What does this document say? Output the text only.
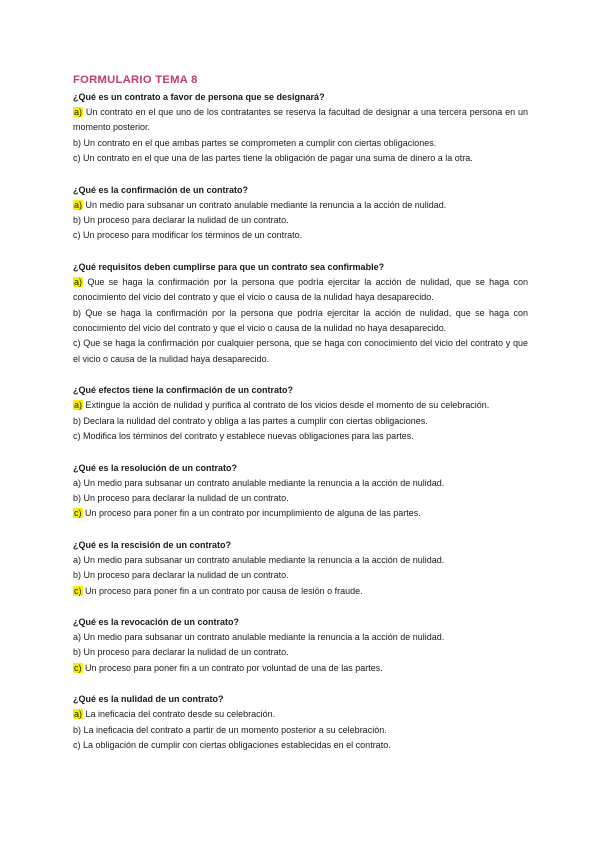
FORMULARIO TEMA 8

¿Qué es un contrato a favor de persona que se designará?

a) Un contrato en el que uno de los contratantes se reserva la facultad de designar a una tercera persona en un momento posterior.

b) Un contrato en el que ambas partes se comprometen a cumplir con ciertas obligaciones.

c) Un contrato en el que una de las partes tiene la obligación de pagar una suma de dinero a la otra.

¿Qué es la confirmación de un contrato?

a) Un medio para subsanar un contrato anulable mediante la renuncia a la acción de nulidad.

b) Un proceso para declarar la nulidad de un contrato.

c) Un proceso para modificar los términos de un contrato.

¿Qué requisitos deben cumplirse para que un contrato sea confirmable?

a) Que se haga la confirmación por la persona que podría ejercitar la acción de nulidad, que se haga con conocimiento del vicio del contrato y que el vicio o causa de la nulidad haya desaparecido.

b) Que se haga la confirmación por la persona que podría ejercitar la acción de nulidad, que se haga con conocimiento del vicio del contrato y que el vicio o causa de la nulidad no haya desaparecido.

c) Que se haga la confirmación por cualquier persona, que se haga con conocimiento del vicio del contrato y que el vicio o causa de la nulidad haya desaparecido.

¿Qué efectos tiene la confirmación de un contrato?

a) Extingue la acción de nulidad y purifica al contrato de los vicios desde el momento de su celebración.

b) Declara la nulidad del contrato y obliga a las partes a cumplir con ciertas obligaciones.

c) Modifica los términos del contrato y establece nuevas obligaciones para las partes.

¿Qué es la resolución de un contrato?

a) Un medio para subsanar un contrato anulable mediante la renuncia a la acción de nulidad.

b) Un proceso para declarar la nulidad de un contrato.

c) Un proceso para poner fin a un contrato por incumplimiento de alguna de las partes.

¿Qué es la rescisión de un contrato?

a) Un medio para subsanar un contrato anulable mediante la renuncia a la acción de nulidad.

b) Un proceso para declarar la nulidad de un contrato.

c) Un proceso para poner fin a un contrato por causa de lesión o fraude.

¿Qué es la revocación de un contrato?

a) Un medio para subsanar un contrato anulable mediante la renuncia a la acción de nulidad.

b) Un proceso para declarar la nulidad de un contrato.

c) Un proceso para poner fin a un contrato por voluntad de una de las partes.

¿Qué es la nulidad de un contrato?

a) La ineficacia del contrato desde su celebración.

b) La ineficacia del contrato a partir de un momento posterior a su celebración.

c) La obligación de cumplir con ciertas obligaciones establecidas en el contrato.
